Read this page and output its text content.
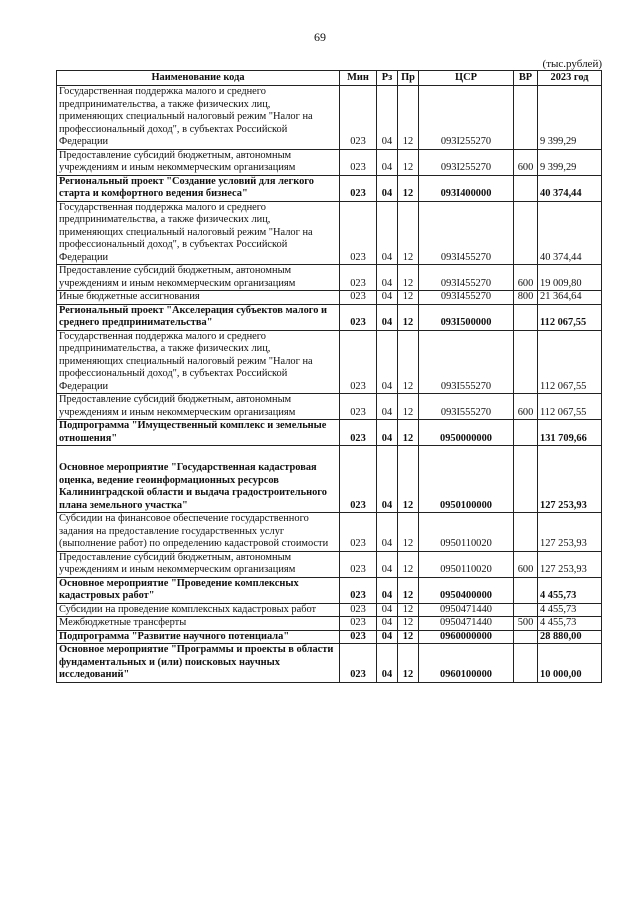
69
(тыс.рублей)
Наименование кода	Мин	Рз	Пр	ЦСР	ВР	2023 год
Государственная поддержка малого и среднего предпринимательства, а также физических лиц, применяющих специальный налоговый режим "Налог на профессиональный доход", в субъектах Российской Федерации	023	04	12	093I255270		9 399,29
Предоставление субсидий бюджетным, автономным учреждениям и иным некоммерческим организациям	023	04	12	093I255270	600	9 399,29
Региональный проект "Создание условий для легкого старта и комфортного ведения бизнеса"	023	04	12	093I400000		40 374,44
Государственная поддержка малого и среднего предпринимательства, а также физических лиц, применяющих специальный налоговый режим "Налог на профессиональный доход", в субъектах Российской Федерации	023	04	12	093I455270		40 374,44
Предоставление субсидий бюджетным, автономным учреждениям и иным некоммерческим организациям	023	04	12	093I455270	600	19 009,80
Иные бюджетные ассигнования	023	04	12	093I455270	800	21 364,64
Региональный проект "Акселерация субъектов малого и среднего предпринимательства"	023	04	12	093I500000		112 067,55
Государственная поддержка малого и среднего предпринимательства, а также физических лиц, применяющих специальный налоговый режим "Налог на профессиональный доход", в субъектах Российской Федерации	023	04	12	093I555270		112 067,55
Предоставление субсидий бюджетным, автономным учреждениям и иным некоммерческим организациям	023	04	12	093I555270	600	112 067,55
Подпрограмма "Имущественный комплекс и земельные отношения"	023	04	12	0950000000		131 709,66
Основное мероприятие "Государственная кадастровая оценка, ведение геоинформационных ресурсов Калининградской области и выдача градостроительного плана земельного участка"	023	04	12	0950100000		127 253,93
Субсидии на финансовое обеспечение государственного задания на предоставление государственных услуг (выполнение работ) по определению кадастровой стоимости	023	04	12	0950110020		127 253,93
Предоставление субсидий бюджетным, автономным учреждениям и иным некоммерческим организациям	023	04	12	0950110020	600	127 253,93
Основное мероприятие "Проведение комплексных кадастровых работ"	023	04	12	0950400000		4 455,73
Субсидии на проведение комплексных кадастровых работ	023	04	12	0950471440		4 455,73
Межбюджетные трансферты	023	04	12	0950471440	500	4 455,73
Подпрограмма "Развитие научного потенциала"	023	04	12	0960000000		28 880,00
Основное мероприятие "Программы и проекты в области фундаментальных и (или) поисковых научных исследований"	023	04	12	0960100000		10 000,00
